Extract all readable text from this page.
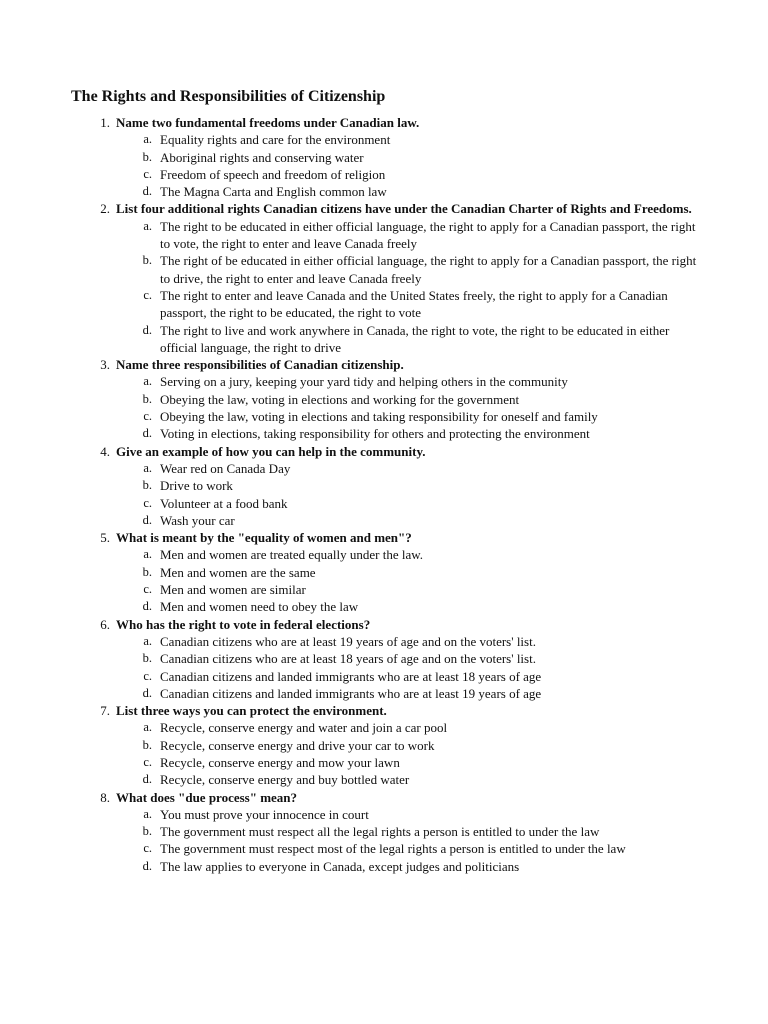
The Rights and Responsibilities of Citizenship
1. Name two fundamental freedoms under Canadian law.
a. Equality rights and care for the environment
b. Aboriginal rights and conserving water
c. Freedom of speech and freedom of religion
d. The Magna Carta and English common law
2. List four additional rights Canadian citizens have under the Canadian Charter of Rights and Freedoms.
a. The right to be educated in either official language, the right to apply for a Canadian passport, the right to vote, the right to enter and leave Canada freely
b. The right of be educated in either official language, the right to apply for a Canadian passport, the right to drive, the right to enter and leave Canada freely
c. The right to enter and leave Canada and the United States freely, the right to apply for a Canadian passport, the right to be educated, the right to vote
d. The right to live and work anywhere in Canada, the right to vote, the right to be educated in either official language, the right to drive
3. Name three responsibilities of Canadian citizenship.
a. Serving on a jury, keeping your yard tidy and helping others in the community
b. Obeying the law, voting in elections and working for the government
c. Obeying the law, voting in elections and taking responsibility for oneself and family
d. Voting in elections, taking responsibility for others and protecting the environment
4. Give an example of how you can help in the community.
a. Wear red on Canada Day
b. Drive to work
c. Volunteer at a food bank
d. Wash your car
5. What is meant by the "equality of women and men"?
a. Men and women are treated equally under the law.
b. Men and women are the same
c. Men and women are similar
d. Men and women need to obey the law
6. Who has the right to vote in federal elections?
a. Canadian citizens who are at least 19 years of age and on the voters' list.
b. Canadian citizens who are at least 18 years of age and on the voters' list.
c. Canadian citizens and landed immigrants who are at least 18 years of age
d. Canadian citizens and landed immigrants who are at least 19 years of age
7. List three ways you can protect the environment.
a. Recycle, conserve energy and water and join a car pool
b. Recycle, conserve energy and drive your car to work
c. Recycle, conserve energy and mow your lawn
d. Recycle, conserve energy and buy bottled water
8. What does "due process" mean?
a. You must prove your innocence in court
b. The government must respect all the legal rights a person is entitled to under the law
c. The government must respect most of the legal rights a person is entitled to under the law
d. The law applies to everyone in Canada, except judges and politicians
